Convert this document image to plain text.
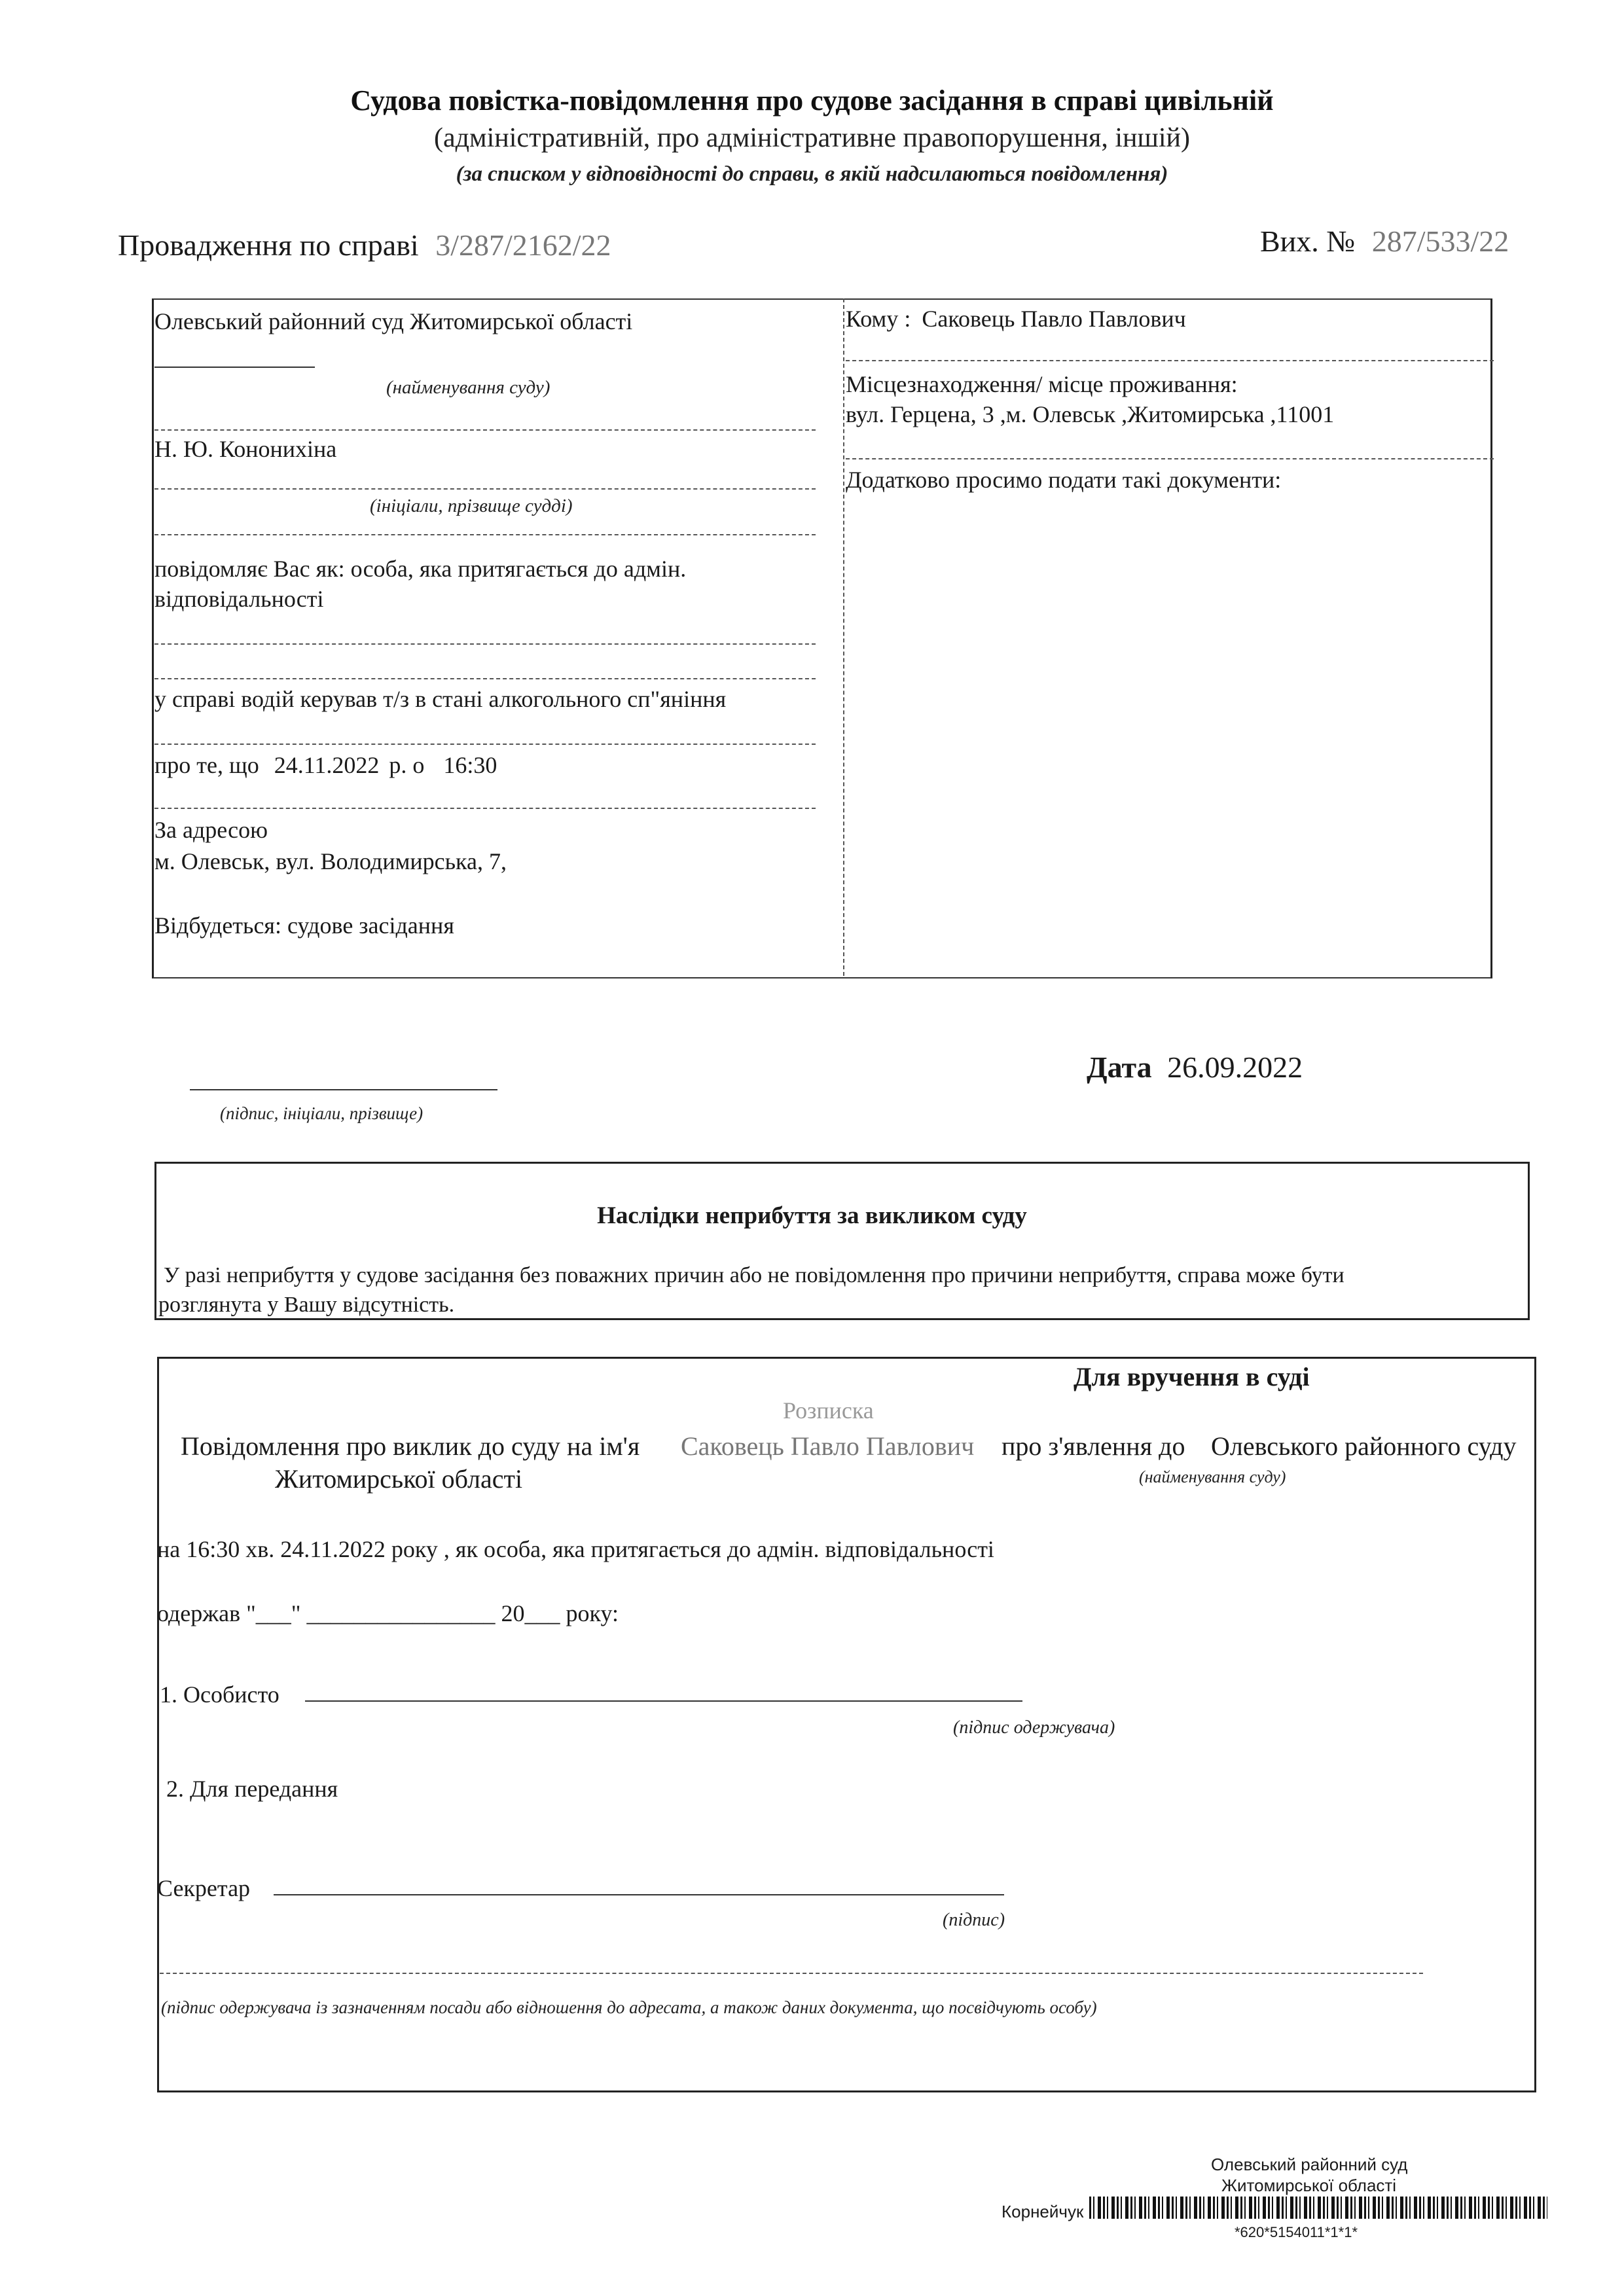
Судова повістка-повідомлення про судове засідання в справі цивільній
(адміністративній, про адміністративне правопорушення, іншій)
(за списком у відповідності до справи, в якій надсилаються повідомлення)
Провадження по справі 3/287/2162/22	Вих. № 287/533/22
Олевський районний суд Житомирської області
(найменування суду)
Н. Ю. Кононихіна
(ініціали, прізвище судді)
повідомляє Вас як: особа, яка притягається до адмін.
відповідальності
у справі водій керував т/з в стані алкогольного сп"яніння
про те, що 24.11.2022 р. о 16:30
За адресою
м. Олевськ, вул. Володимирська, 7,
Відбудеться: судове засідання
Кому : Саковець Павло Павлович
Місцезнаходження/ місце проживання:
вул. Герцена, 3 ,м. Олевськ ,Житомирська ,11001
Додатково просимо подати такі документи:
(підпис, ініціали, прізвище)
Дата 26.09.2022
Наслідки неприбуття за викликом суду
У разі неприбуття у судове засідання без поважних причин або не повідомлення про причини неприбуття, справа може бути
розглянута у Вашу відсутність.
Для вручення в суді
Розписка
Повідомлення про виклик до суду на ім'я Саковець Павло Павлович про з'явлення до Олевського районного суду
Житомирської області	(найменування суду)
на 16:30 хв. 24.11.2022 року , як особа, яка притягається до адмін. відповідальності
одержав "___" ________________ 20___ року:
1. Особисто
(підпис одержувача)
2. Для передання
Секретар
(підпис)
(підпис одержувача із зазначенням посади або відношення до адресата, а також даних документа, що посвідчують особу)
Олевський районний суд
Житомирської області
Корнейчук
*620*5154011*1*1*
